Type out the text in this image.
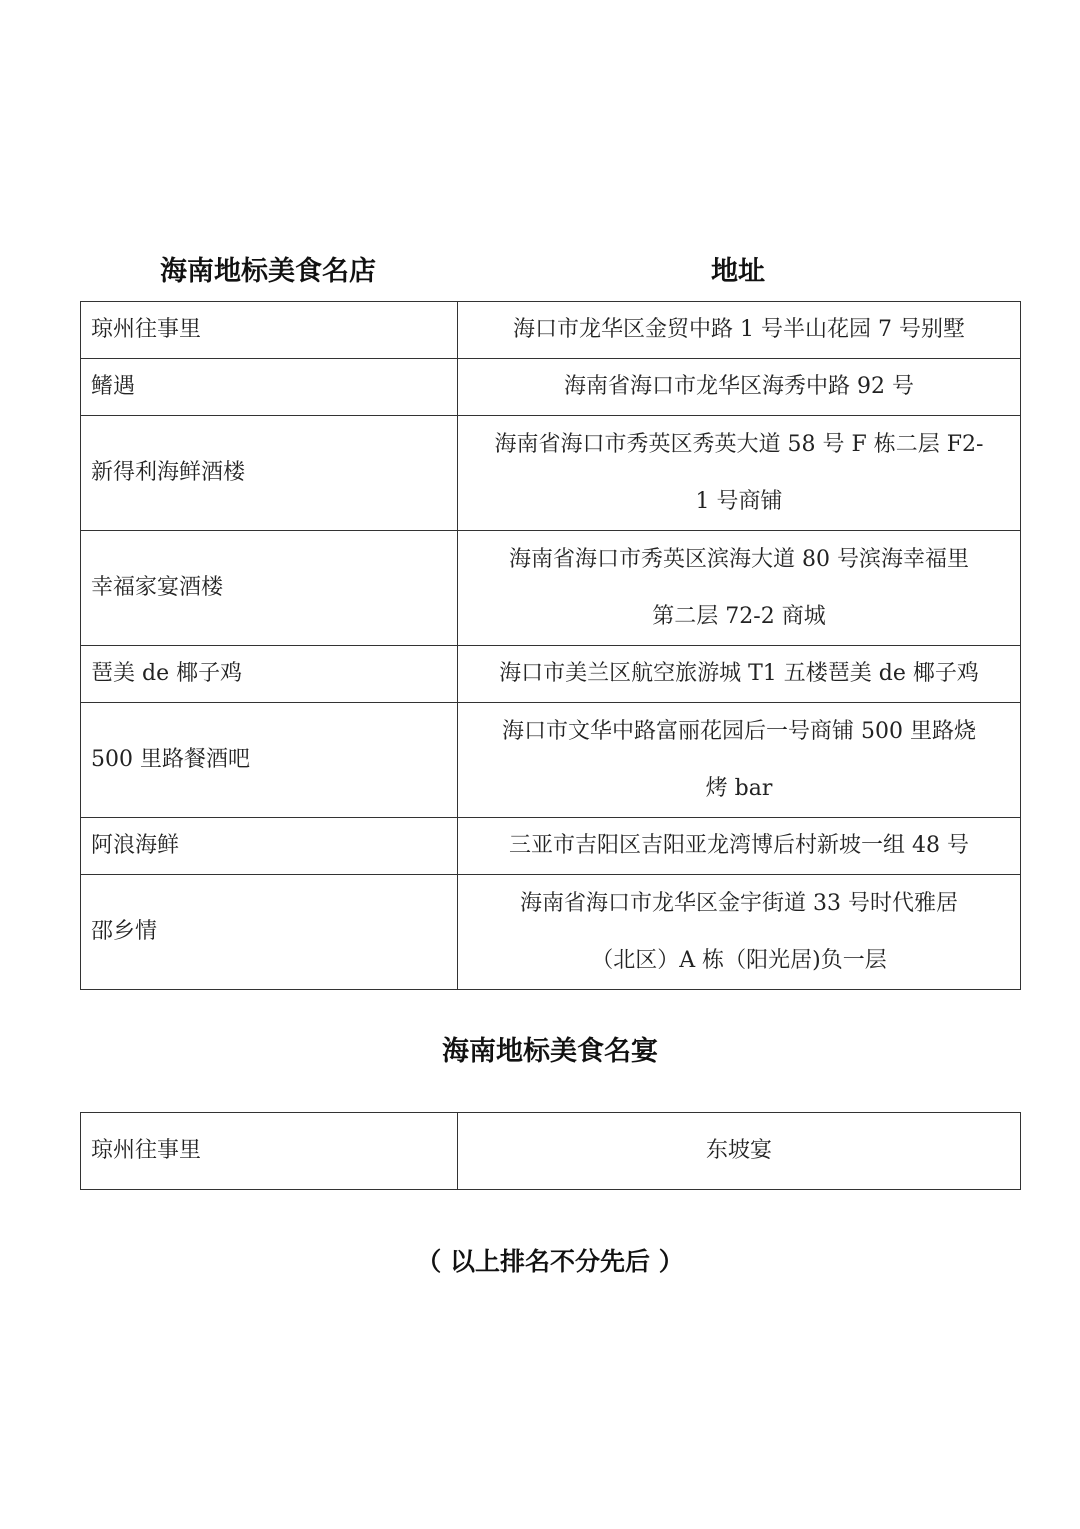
海南地标美食名店	地址
琼州往事里	海口市龙华区金贸中路 1 号半山花园 7 号别墅
鳍遇	海南省海口市龙华区海秀中路 92 号
新得利海鲜酒楼	海南省海口市秀英区秀英大道 58 号 F 栋二层 F2-
1 号商铺
幸福家宴酒楼	海南省海口市秀英区滨海大道 80 号滨海幸福里
第二层 72-2 商城
琶美 de 椰子鸡	海口市美兰区航空旅游城 T1 五楼琶美 de 椰子鸡
500 里路餐酒吧	海口市文华中路富丽花园后一号商铺 500 里路烧
烤 bar
阿浪海鲜	三亚市吉阳区吉阳亚龙湾博后村新坡一组 48 号
邵乡情	海南省海口市龙华区金宇街道 33 号时代雅居
（北区）A 栋（阳光居)负一层
海南地标美食名宴
琼州往事里	东坡宴
（ 以上排名不分先后 ）
